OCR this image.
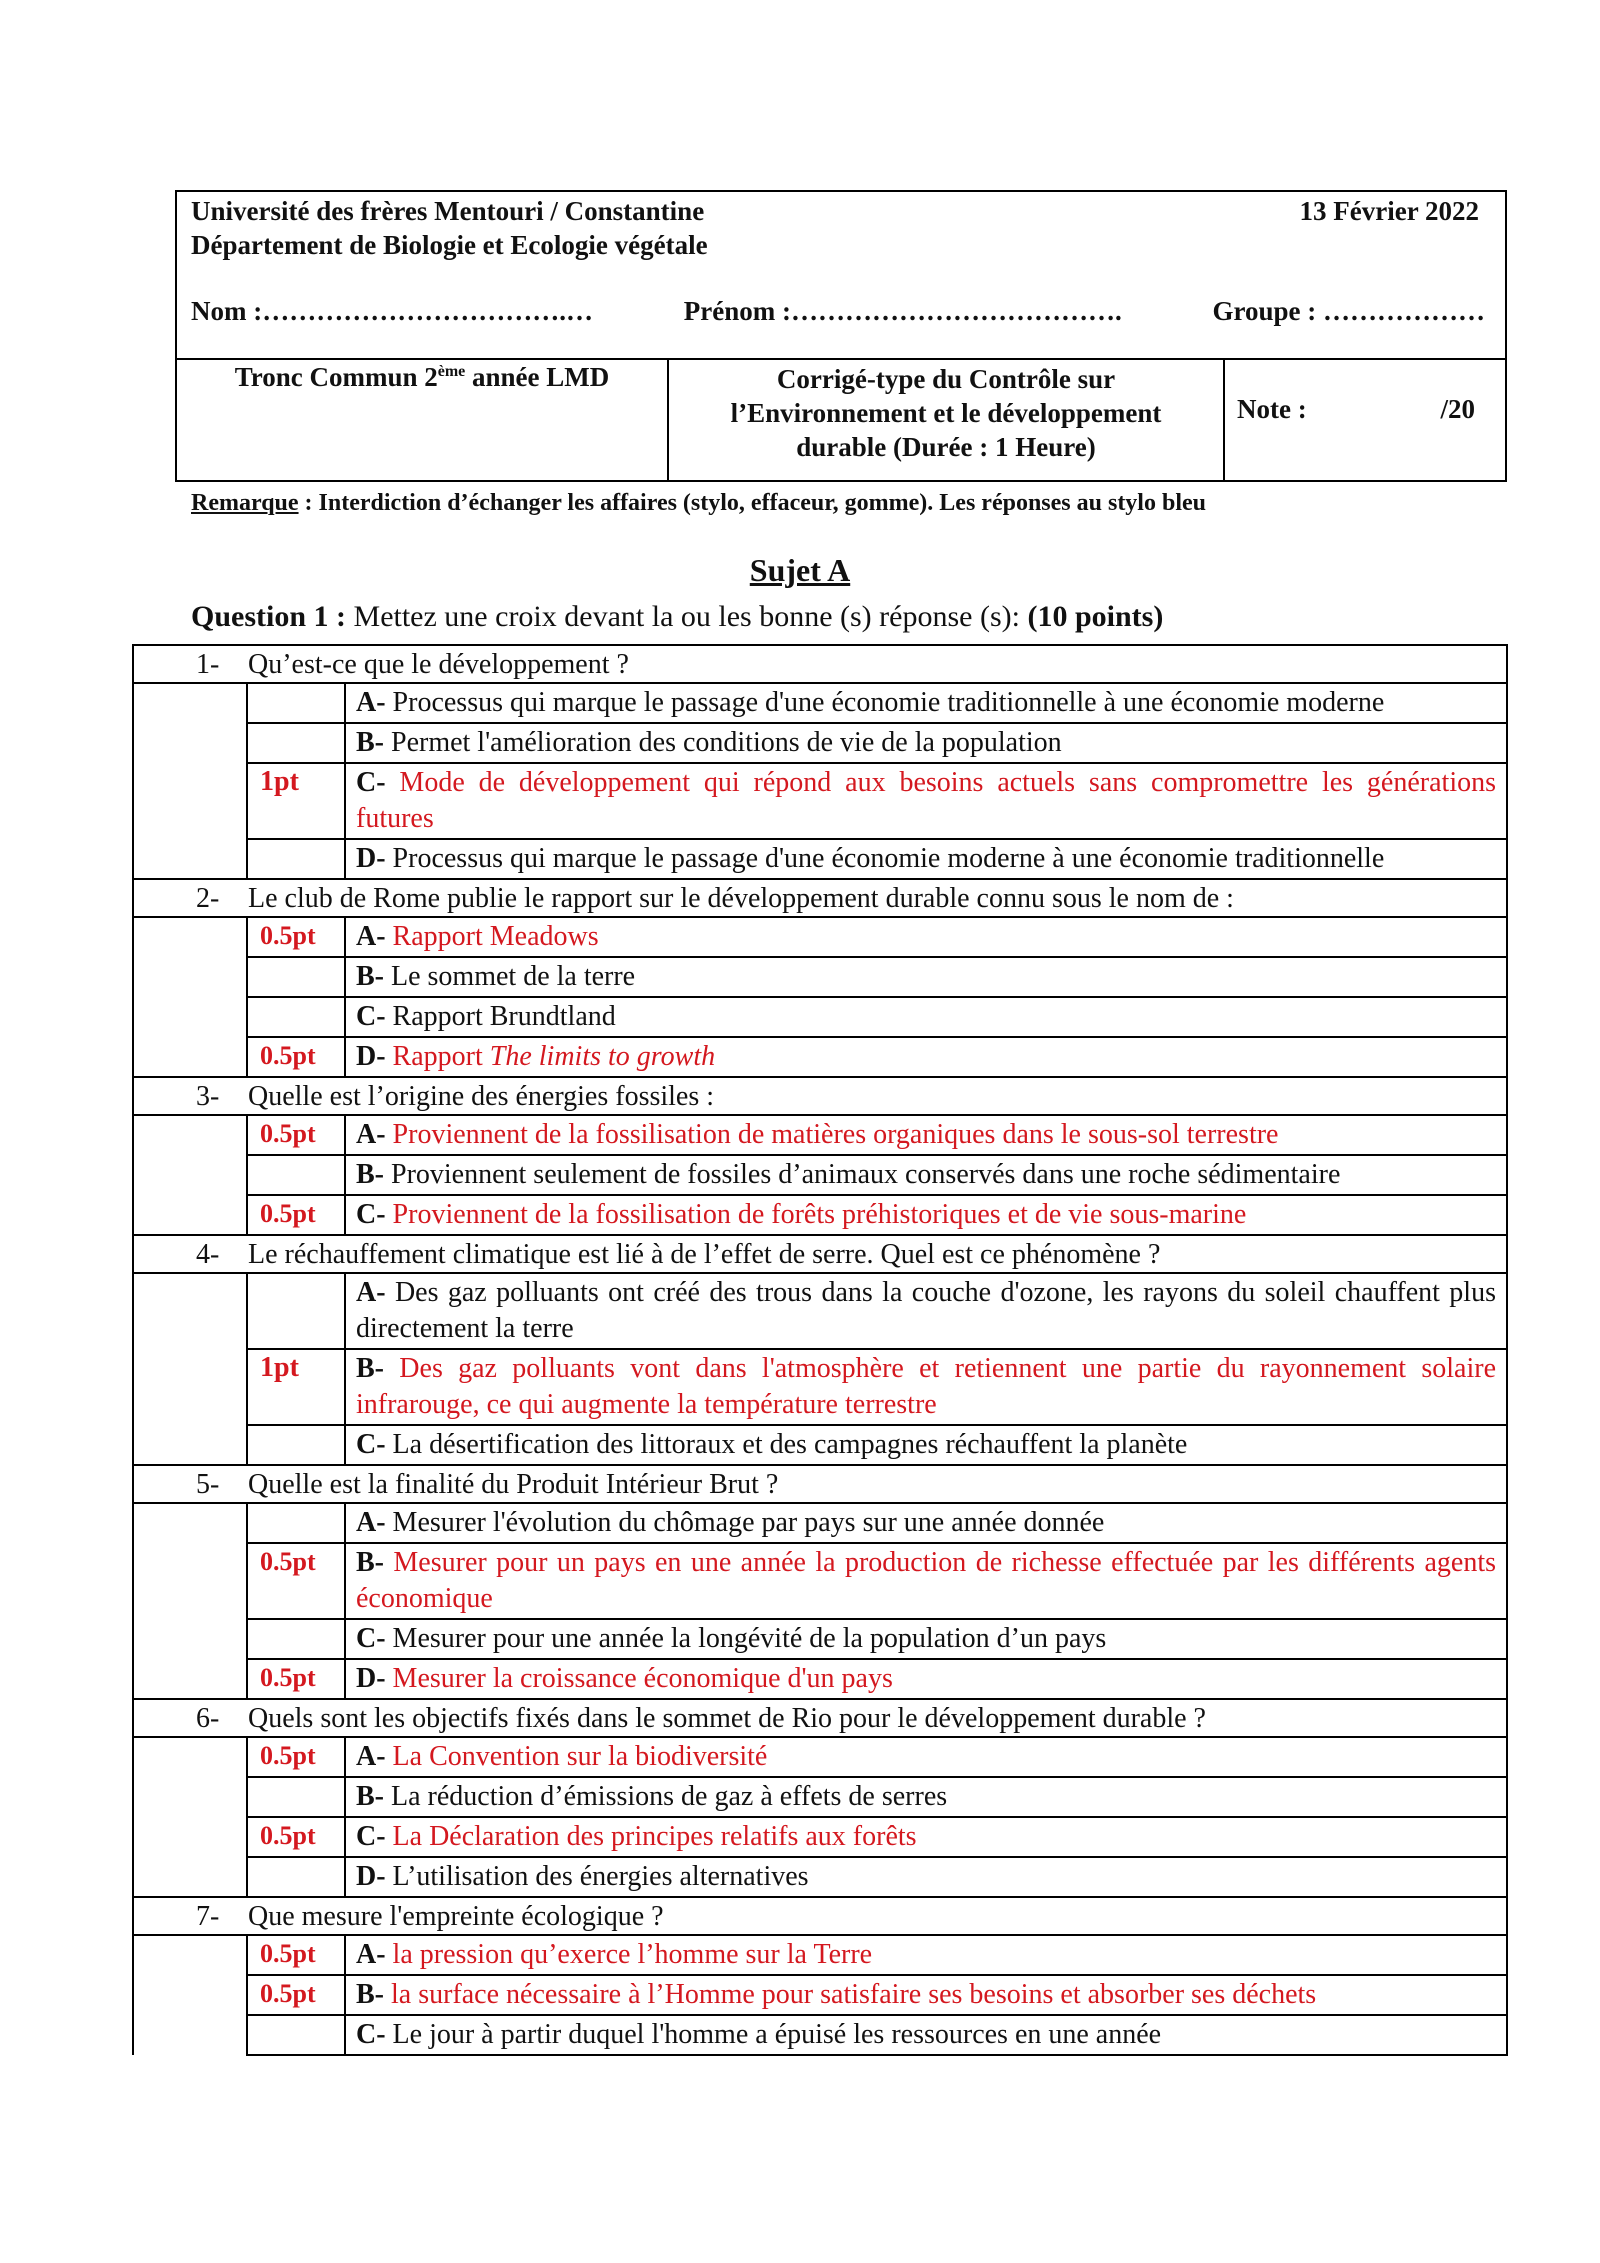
Université des frères Mentouri / Constantine
Département de Biologie et Ecologie végétale
13 Février 2022
Nom :…………………………….…	Prénom :……………………………….	Groupe : ………………
Tronc Commun 2ème année LMD	Corrigé-type du Contrôle sur
l’Environnement et le développement
durable (Durée : 1 Heure)
Note :	/20
Remarque : Interdiction d’échanger les affaires (stylo, effaceur, gomme). Les réponses au stylo bleu
Sujet A
Question 1 : Mettez une croix devant la ou les bonne (s) réponse (s): (10 points)
1- Qu’est-ce que le développement ?		

		A- Processus qui marque le passage d'une économie traditionnelle à une économie moderne
		B- Permet l'amélioration des conditions de vie de la population
	1pt	C- Mode de développement qui répond aux besoins actuels sans compromettre les générations futures
		D- Processus qui marque le passage d'une économie moderne à une économie traditionnelle

2- Le club de Rome publie le rapport sur le développement durable connu sous le nom de :		

	0.5pt	A- Rapport Meadows
		B- Le sommet de la terre
		C- Rapport Brundtland
	0.5pt	D- Rapport The limits to growth

3- Quelle est l’origine des énergies fossiles :		

	0.5pt	A- Proviennent de la fossilisation de matières organiques dans le sous-sol terrestre
		B- Proviennent seulement de fossiles d’animaux conservés dans une roche sédimentaire
	0.5pt	C- Proviennent de la fossilisation de forêts préhistoriques et de vie sous-marine

4- Le réchauffement climatique est lié à de l’effet de serre. Quel est ce phénomène ?		

		A- Des gaz polluants ont créé des trous dans la couche d'ozone, les rayons du soleil chauffent plus directement la terre
	1pt	B- Des gaz polluants vont dans l'atmosphère et retiennent une partie du rayonnement solaire infrarouge, ce qui augmente la température terrestre
		C- La désertification des littoraux et des campagnes réchauffent la planète

5- Quelle est la finalité du Produit Intérieur Brut ?		

		A- Mesurer l'évolution du chômage par pays sur une année donnée
	0.5pt	B- Mesurer pour un pays en une année la production de richesse effectuée par les différents agents économique
		C- Mesurer pour une année la longévité de la population d’un pays
	0.5pt	D- Mesurer la croissance économique d'un pays

6- Quels sont les objectifs fixés dans le sommet de Rio pour le développement durable ?		

	0.5pt	A- La Convention sur la biodiversité
		B- La réduction d’émissions de gaz à effets de serres
	0.5pt	C- La Déclaration des principes relatifs aux forêts
		D- L’utilisation des énergies alternatives

7- Que mesure l'empreinte écologique ?		

	0.5pt	A- la pression qu’exerce l’homme sur la Terre
	0.5pt	B- la surface nécessaire à l’Homme pour satisfaire ses besoins et absorber ses déchets
		C- Le jour à partir duquel l'homme a épuisé les ressources en une année
